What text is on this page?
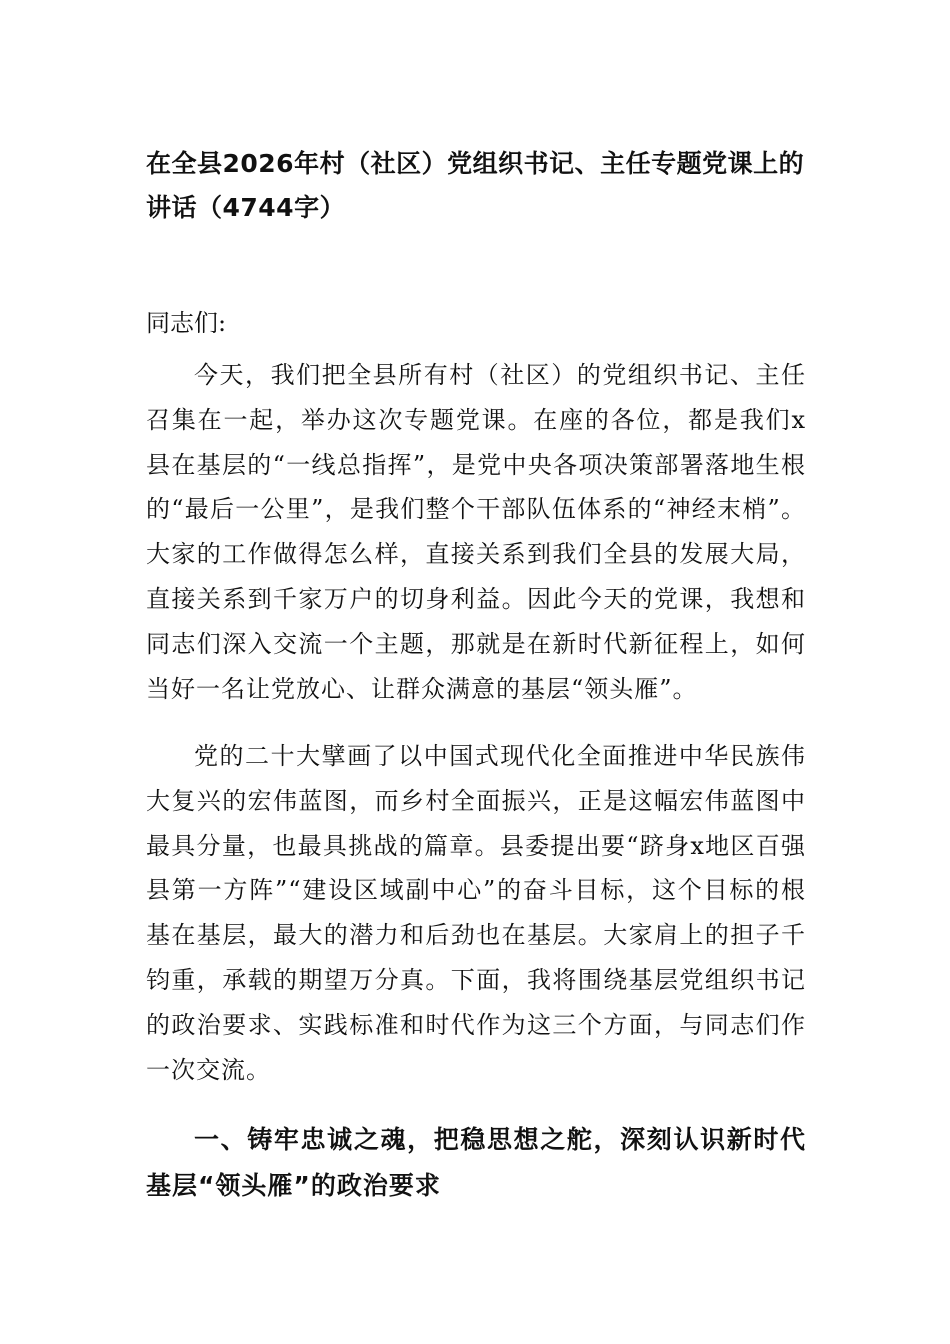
在全县2026年村（社区）党组织书记、主任专题党课上的讲话（4744字）

同志们:

今天，我们把全县所有村（社区）的党组织书记、主任召集在一起，举办这次专题党课。在座的各位，都是我们x县在基层的“一线总指挥”，是党中央各项决策部署落地生根的“最后一公里”，是我们整个干部队伍体系的“神经末梢”。大家的工作做得怎么样，直接关系到我们全县的发展大局，直接关系到千家万户的切身利益。因此今天的党课，我想和同志们深入交流一个主题，那就是在新时代新征程上，如何当好一名让党放心、让群众满意的基层“领头雁”。

党的二十大擘画了以中国式现代化全面推进中华民族伟大复兴的宏伟蓝图，而乡村全面振兴，正是这幅宏伟蓝图中最具分量，也最具挑战的篇章。县委提出要“跻身x地区百强县第一方阵”“建设区域副中心”的奋斗目标，这个目标的根基在基层，最大的潜力和后劲也在基层。大家肩上的担子千钧重，承载的期望万分真。下面，我将围绕基层党组织书记的政治要求、实践标准和时代作为这三个方面，与同志们作一次交流。

一、铸牢忠诚之魂，把稳思想之舵，深刻认识新时代基层“领头雁”的政治要求
